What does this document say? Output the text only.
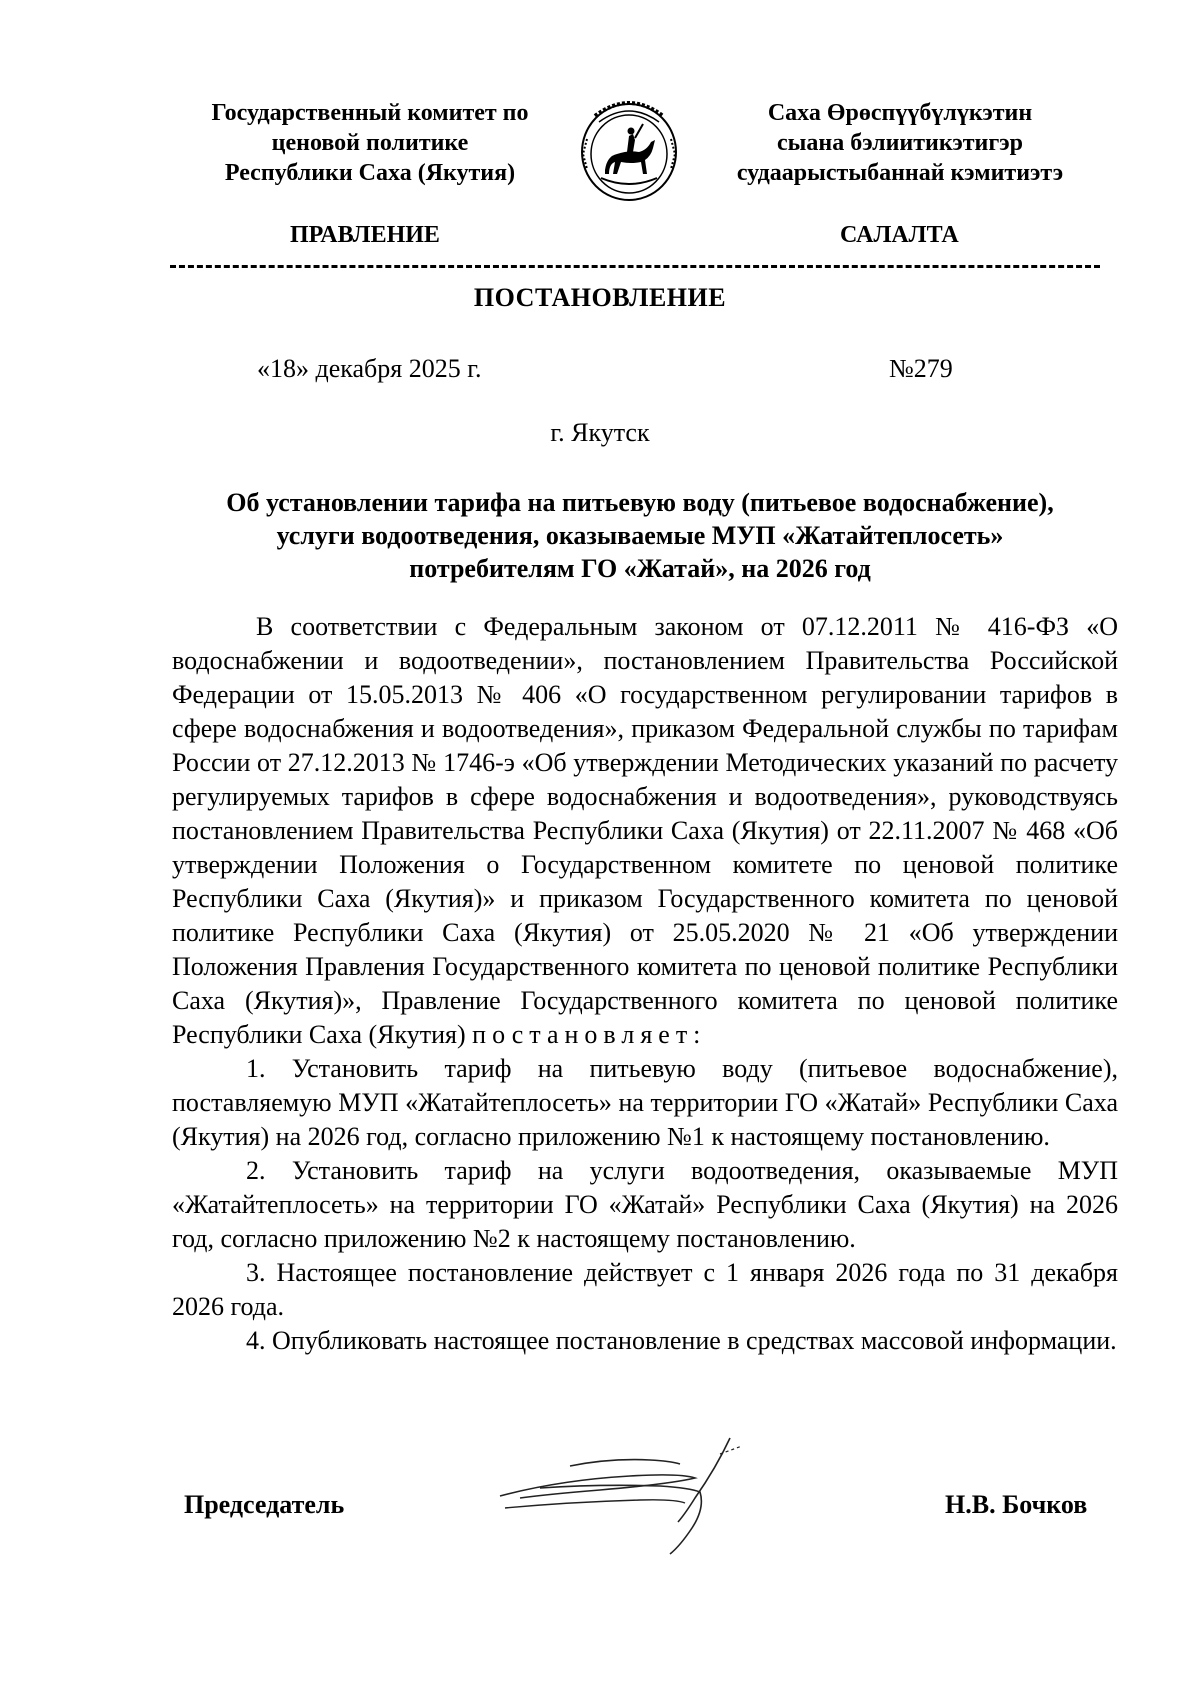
Государственный комитет по
ценовой политике
Республики Саха (Якутия)
Саха Өрөспүүбүлүкэтин
сыана бэлиитикэтигэр
судаарыстыбаннай кэмитиэтэ
ПРАВЛЕНИЕ	САЛАЛТА
ПОСТАНОВЛЕНИЕ
«18» декабря 2025 г.	№279
г. Якутск
Об установлении тарифа на питьевую воду (питьевое водоснабжение),
услуги водоотведения, оказываемые МУП «Жатайтеплосеть»
потребителям ГО «Жатай», на 2026 год

В соответствии с Федеральным законом от 07.12.2011 № 416-ФЗ «О водоснабжении и водоотведении», постановлением Правительства Российской Федерации от 15.05.2013 № 406 «О государственном регулировании тарифов в сфере водоснабжения и водоотведения», приказом Федеральной службы по тарифам России от 27.12.2013 № 1746-э «Об утверждении Методических указаний по расчету регулируемых тарифов в сфере водоснабжения и водоотведения», руководствуясь постановлением Правительства Республики Саха (Якутия) от 22.11.2007 № 468 «Об утверждении Положения о Государственном комитете по ценовой политике Республики Саха (Якутия)» и приказом Государственного комитета по ценовой политике Республики Саха (Якутия) от 25.05.2020 № 21 «Об утверждении Положения Правления Государственного комитета по ценовой политике Республики Саха (Якутия)», Правление Государственного комитета по ценовой политике Республики Саха (Якутия) постановляет:

1. Установить тариф на питьевую воду (питьевое водоснабжение), поставляемую МУП «Жатайтеплосеть» на территории ГО «Жатай» Республики Саха (Якутия) на 2026 год, согласно приложению №1 к настоящему постановлению.

2. Установить тариф на услуги водоотведения, оказываемые МУП «Жатайтеплосеть» на территории ГО «Жатай» Республики Саха (Якутия) на 2026 год, согласно приложению №2 к настоящему постановлению.

3. Настоящее постановление действует с 1 января 2026 года по 31 декабря 2026 года.

4. Опубликовать настоящее постановление в средствах массовой информации.

Председатель	Н.В. Бочков
